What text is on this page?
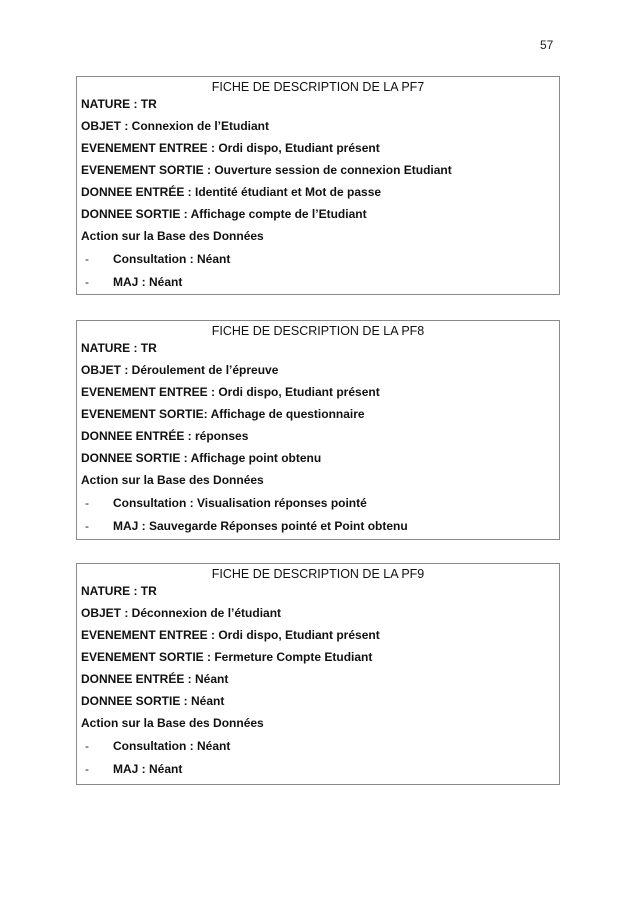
57
FICHE DE DESCRIPTION DE LA PF7
NATURE : TR
OBJET : Connexion de l’Etudiant
EVENEMENT ENTREE : Ordi dispo, Etudiant présent
EVENEMENT SORTIE : Ouverture session de connexion Etudiant
DONNEE ENTRÉE : Identité étudiant et Mot de passe
DONNEE SORTIE : Affichage compte de l’Etudiant
Action sur la Base des Données
- Consultation : Néant
- MAJ : Néant
FICHE DE DESCRIPTION DE LA PF8
NATURE : TR
OBJET : Déroulement de l’épreuve
EVENEMENT ENTREE : Ordi dispo, Etudiant présent
EVENEMENT SORTIE: Affichage de questionnaire
DONNEE ENTRÉE : réponses
DONNEE SORTIE : Affichage point obtenu
Action sur la Base des Données
- Consultation : Visualisation réponses pointé
- MAJ : Sauvegarde Réponses pointé et Point obtenu
FICHE DE DESCRIPTION DE LA PF9
NATURE : TR
OBJET : Déconnexion de l’étudiant
EVENEMENT ENTREE : Ordi dispo, Etudiant présent
EVENEMENT SORTIE : Fermeture Compte Etudiant
DONNEE ENTRÉE : Néant
DONNEE SORTIE : Néant
Action sur la Base des Données
- Consultation : Néant
- MAJ : Néant
